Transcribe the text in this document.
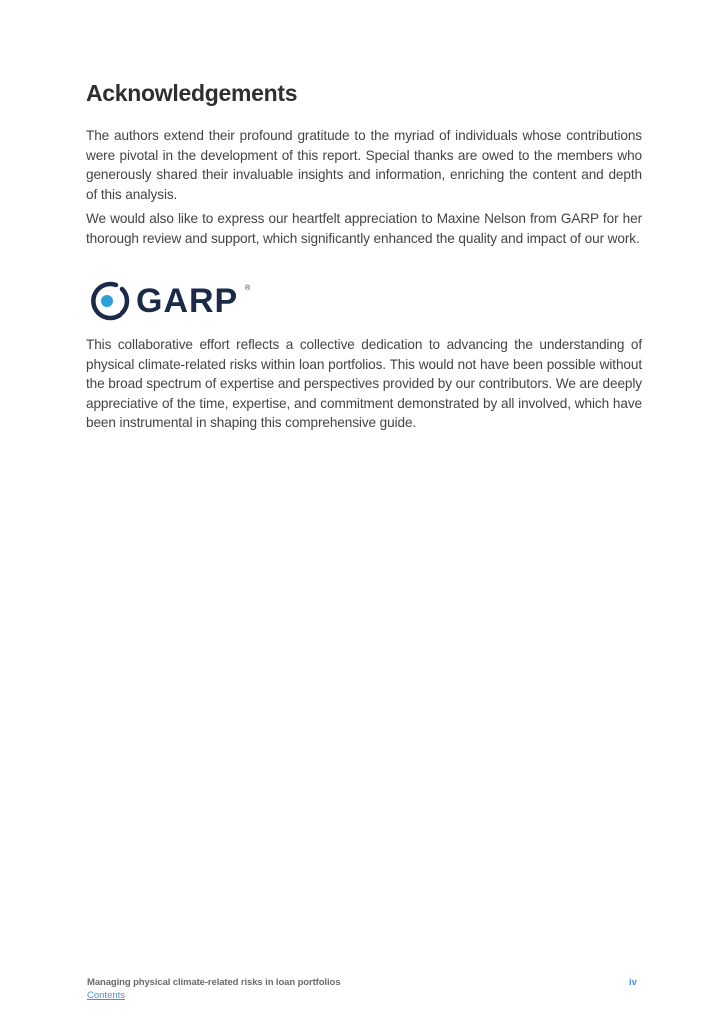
Acknowledgements

The authors extend their profound gratitude to the myriad of individuals whose contributions were pivotal in the development of this report. Special thanks are owed to the members who generously shared their invaluable insights and information, enriching the content and depth of this analysis.

We would also like to express our heartfelt appreciation to Maxine Nelson from GARP for her thorough review and support, which significantly enhanced the quality and impact of our work.

GARP ®

This collaborative effort reflects a collective dedication to advancing the understanding of physical climate-related risks within loan portfolios. This would not have been possible without the broad spectrum of expertise and perspectives provided by our contributors. We are deeply appreciative of the time, expertise, and commitment demonstrated by all involved, which have been instrumental in shaping this comprehensive guide.

Managing physical climate-related risks in loan portfolios
Contents
iv
